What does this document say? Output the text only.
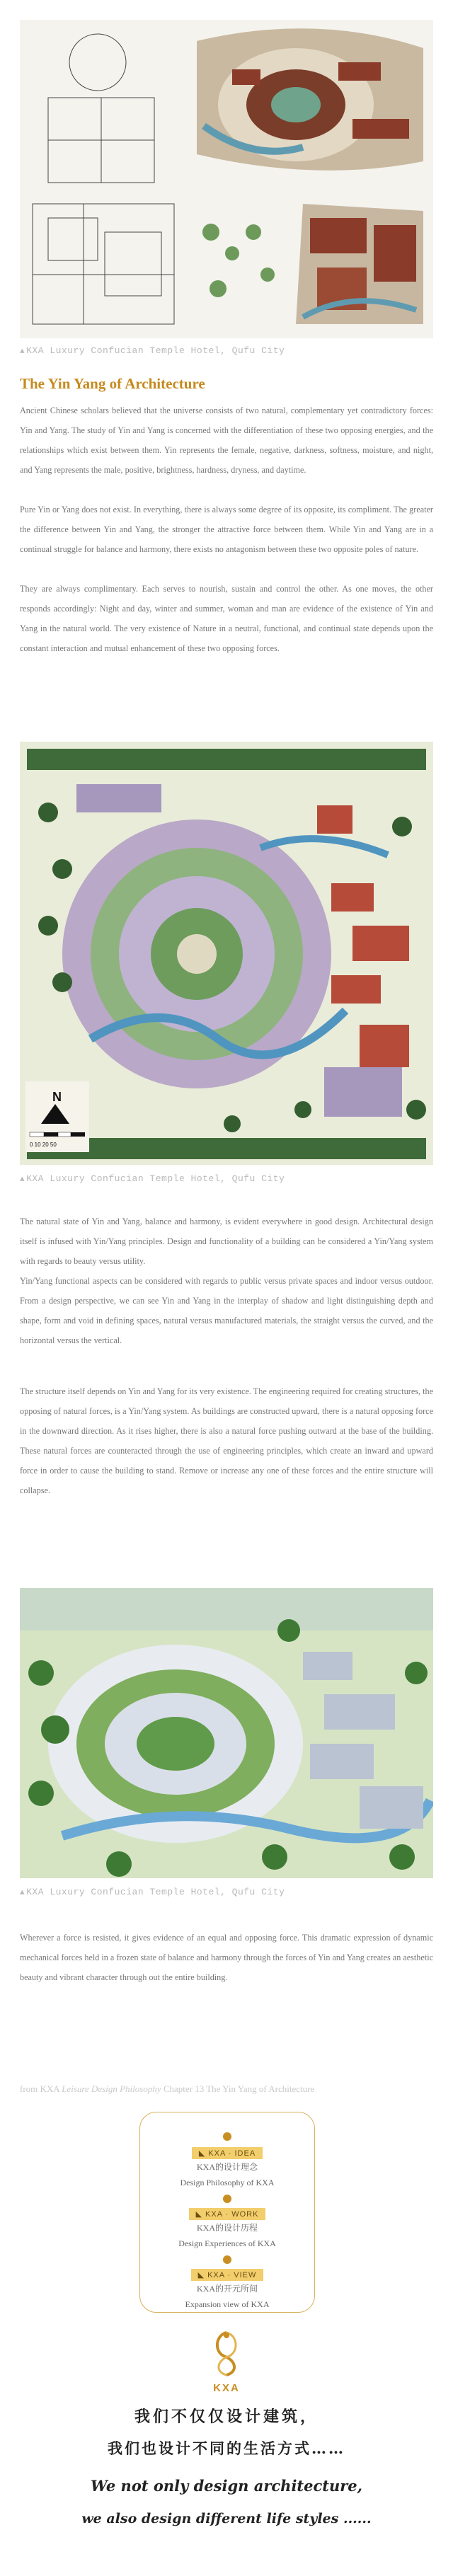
▲ KXA Luxury Confucian Temple Hotel, Qufu City
The Yin Yang of Architecture

Ancient Chinese scholars believed that the universe consists of two natural, complementary yet contradictory forces: Yin and Yang. The study of Yin and Yang is concerned with the differentiation of these two opposing energies, and the relationships which exist between them. Yin represents the female, negative, darkness, softness, moisture, and night, and Yang represents the male, positive, brightness, hardness, dryness, and daytime.

Pure Yin or Yang does not exist. In everything, there is always some degree of its opposite, its compliment. The greater the difference between Yin and Yang, the stronger the attractive force between them. While Yin and Yang are in a continual struggle for balance and harmony, there exists no antagonism between these two opposite poles of nature.

They are always complimentary. Each serves to nourish, sustain and control the other. As one moves, the other responds accordingly: Night and day, winter and summer, woman and man are evidence of the existence of Yin and Yang in the natural world. The very existence of Nature in a neutral, functional, and continual state depends upon the constant interaction and mutual enhancement of these two opposing forces.

N
0 10 20 50
▲ KXA Luxury Confucian Temple Hotel, Qufu City

The natural state of Yin and Yang, balance and harmony, is evident everywhere in good design. Architectural design itself is infused with Yin/Yang principles. Design and functionality of a building can be considered a Yin/Yang system with regards to beauty versus utility.

Yin/Yang functional aspects can be considered with regards to public versus private spaces and indoor versus outdoor. From a design perspective, we can see Yin and Yang in the interplay of shadow and light distinguishing depth and shape, form and void in defining spaces, natural versus manufactured materials, the straight versus the curved, and the horizontal versus the vertical.

The structure itself depends on Yin and Yang for its very existence. The engineering required for creating structures, the opposing of natural forces, is a Yin/Yang system. As buildings are constructed upward, there is a natural opposing force in the downward direction. As it rises higher, there is also a natural force pushing outward at the base of the building. These natural forces are counteracted through the use of engineering principles, which create an inward and upward force in order to cause the building to stand. Remove or increase any one of these forces and the entire structure will collapse.

▲ KXA Luxury Confucian Temple Hotel, Qufu City

Wherever a force is resisted, it gives evidence of an equal and opposing force. This dramatic expression of dynamic mechanical forces held in a frozen state of balance and harmony through the forces of Yin and Yang creates an aesthetic beauty and vibrant character through out the entire building.

from KXA Leisure Design Philosophy Chapter 13 The Yin Yang of Architecture
◣ KXA · IDEA
KXA的设计理念
Design Philosophy of KXA
◣ KXA · WORK
KXA的设计历程
Design Experiences of KXA
◣ KXA · VIEW
KXA的开元所间
Expansion view of KXA
KXA
我们不仅仅设计建筑，
我们也设计不同的生活方式……
We not only design architecture,
we also design different life styles ......
